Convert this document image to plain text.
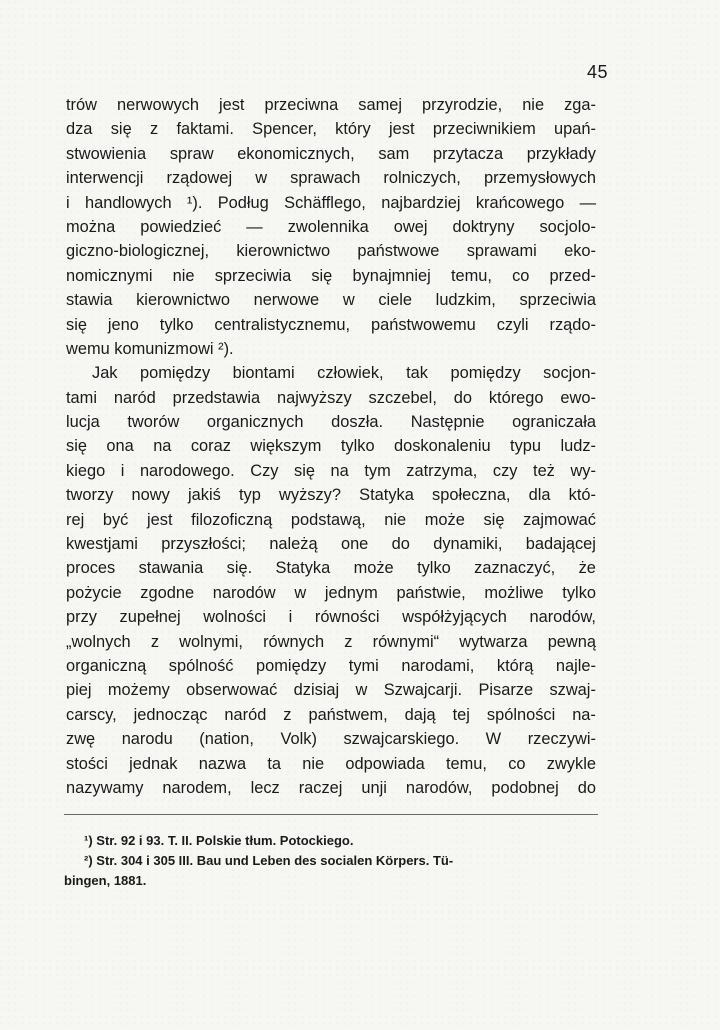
45
trów nerwowych jest przeciwna samej przyrodzie, nie zga-
dza się z faktami. Spencer, który jest przeciwnikiem upań-
stwowienia spraw ekonomicznych, sam przytacza przykłady
interwencji rządowej w sprawach rolniczych, przemysłowych
i handlowych ¹). Podług Schäfflego, najbardziej krańcowego —
można powiedzieć — zwolennika owej doktryny socjolo-
giczno-biologicznej, kierownictwo państwowe sprawami eko-
nomicznymi nie sprzeciwia się bynajmniej temu, co przed-
stawia kierownictwo nerwowe w ciele ludzkim, sprzeciwia
się jeno tylko centralistycznemu, państwowemu czyli rządo-
wemu komunizmowi ²).
Jak pomiędzy biontami człowiek, tak pomiędzy socjon-
tami naród przedstawia najwyższy szczebel, do którego ewo-
lucja tworów organicznych doszła. Następnie ograniczała
się ona na coraz większym tylko doskonaleniu typu ludz-
kiego i narodowego. Czy się na tym zatrzyma, czy też wy-
tworzy nowy jakiś typ wyższy? Statyka społeczna, dla któ-
rej być jest filozoficzną podstawą, nie może się zajmować
kwestjami przyszłości; należą one do dynamiki, badającej
proces stawania się. Statyka może tylko zaznaczyć, że
pożycie zgodne narodów w jednym państwie, możliwe tylko
przy zupełnej wolności i równości współżyjących narodów,
„wolnych z wolnymi, równych z równymi“ wytwarza pewną
organiczną spólność pomiędzy tymi narodami, którą najle-
piej możemy obserwować dzisiaj w Szwajcarji. Pisarze szwaj-
carscy, jednocząc naród z państwem, dają tej spólności na-
zwę narodu (nation, Volk) szwajcarskiego. W rzeczywi-
stości jednak nazwa ta nie odpowiada temu, co zwykle
nazywamy narodem, lecz raczej unji narodów, podobnej do
¹) Str. 92 i 93. T. II. Polskie tłum. Potockiego.
²) Str. 304 i 305 III. Bau und Leben des socialen Körpers. Tü-
bingen, 1881.
